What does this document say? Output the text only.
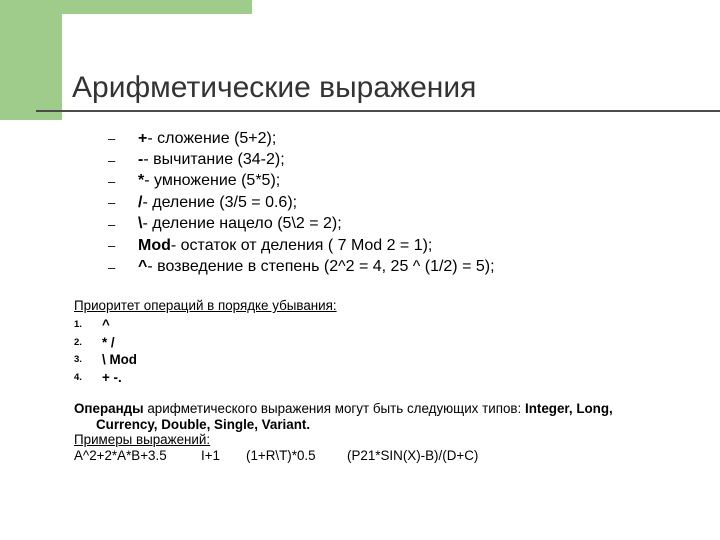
Арифметические выражения
–	+ - сложение (5+2);
–	- - вычитание (34-2);
–	* - умножение (5*5);
–	/ - деление (3/5 = 0.6);
–	\ - деление нацело (5\2 = 2);
–	Mod - остаток от деления ( 7 Mod 2 = 1);
–	^ - возведение в степень (2^2 = 4, 25 ^ (1/2) = 5);
Приоритет операций в порядке убывания:
1.	^
2.	* /
3.	\ Mod
4.	+ -.
Операнды арифметического выражения могут быть следующих типов: Integer, Long,
Currency, Double, Single, Variant.
Примеры выражений:
A^2+2*A*B+3.5	I+1 (1+R\T)*0.5 (P21*SIN(X)-B)/(D+C)
